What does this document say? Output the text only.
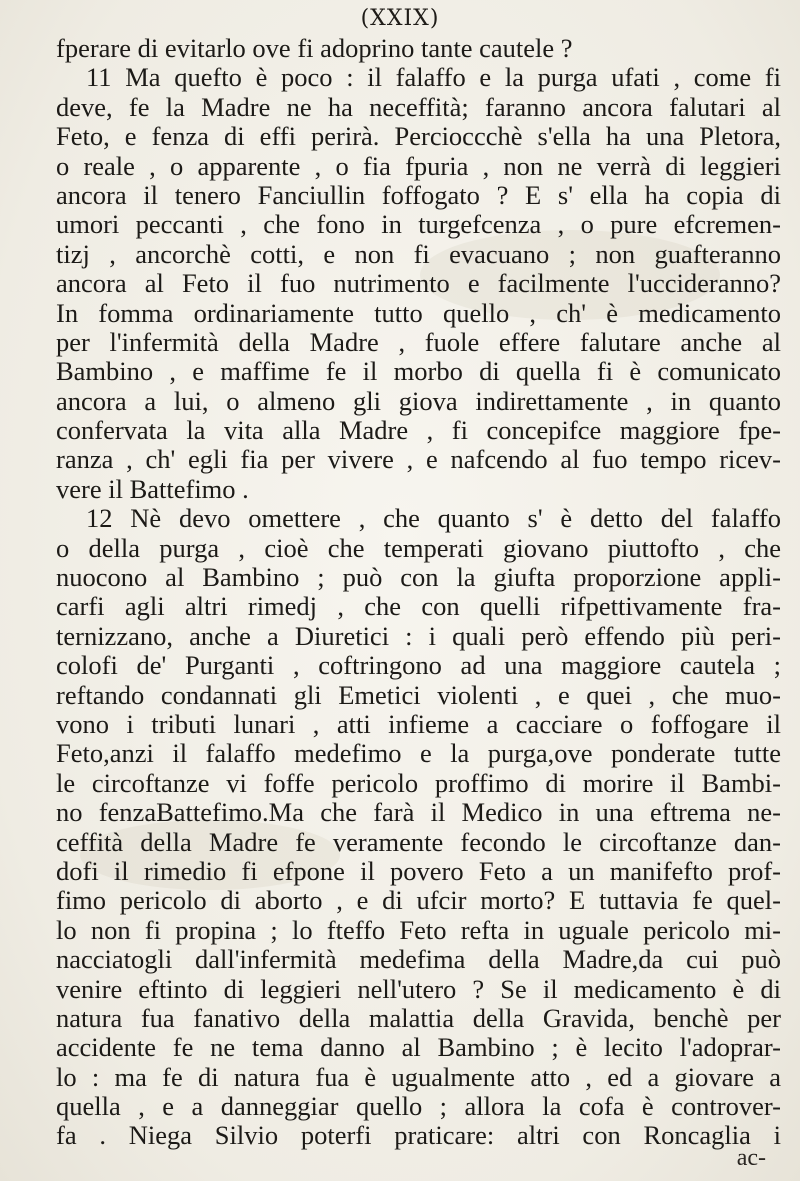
(XXIX)
fperare di evitarlo ove fi adoprino tante cautele ?
11 Ma quefto è poco : il falaffo e la purga ufati , come fi
deve, fe la Madre ne ha neceffità; faranno ancora falutari al
Feto, e fenza di effi perirà. Percioccchè s'ella ha una Pletora,
o reale , o apparente , o fia fpuria , non ne verrà di leggieri
ancora il tenero Fanciullin foffogato ? E s' ella ha copia di
umori peccanti , che fono in turgefcenza , o pure efcremen-
tizj , ancorchè cotti, e non fi evacuano ; non guafteranno
ancora al Feto il fuo nutrimento e facilmente l'uccideranno?
In fomma ordinariamente tutto quello , ch' è medicamento
per l'infermità della Madre , fuole effere falutare anche al
Bambino , e maffime fe il morbo di quella fi è comunicato
ancora a lui, o almeno gli giova indirettamente , in quanto
confervata la vita alla Madre , fi concepifce maggiore fpe-
ranza , ch' egli fia per vivere , e nafcendo al fuo tempo ricev-
vere il Battefimo .
12 Nè devo omettere , che quanto s' è detto del falaffo
o della purga , cioè che temperati giovano piuttofto , che
nuocono al Bambino ; può con la giufta proporzione appli-
carfi agli altri rimedj , che con quelli rifpettivamente fra-
ternizzano, anche a Diuretici : i quali però effendo più peri-
colofi de' Purganti , coftringono ad una maggiore cautela ;
reftando condannati gli Emetici violenti , e quei , che muo-
vono i tributi lunari , atti infieme a cacciare o foffogare il
Feto,anzi il falaffo medefimo e la purga,ove ponderate tutte
le circoftanze vi foffe pericolo proffimo di morire il Bambi-
no fenzaBattefimo.Ma che farà il Medico in una eftrema ne-
ceffità della Madre fe veramente fecondo le circoftanze dan-
dofi il rimedio fi efpone il povero Feto a un manifefto prof-
fimo pericolo di aborto , e di ufcir morto? E tuttavia fe quel-
lo non fi propina ; lo fteffo Feto refta in uguale pericolo mi-
nacciatogli dall'infermità medefima della Madre,da cui può
venire eftinto di leggieri nell'utero ? Se il medicamento è di
natura fua fanativo della malattia della Gravida, benchè per
accidente fe ne tema danno al Bambino ; è lecito l'adoprar-
lo : ma fe di natura fua è ugualmente atto , ed a giovare a
quella , e a danneggiar quello ; allora la cofa è controver-
fa . Niega Silvio poterfi praticare: altri con Roncaglia i
ac-
